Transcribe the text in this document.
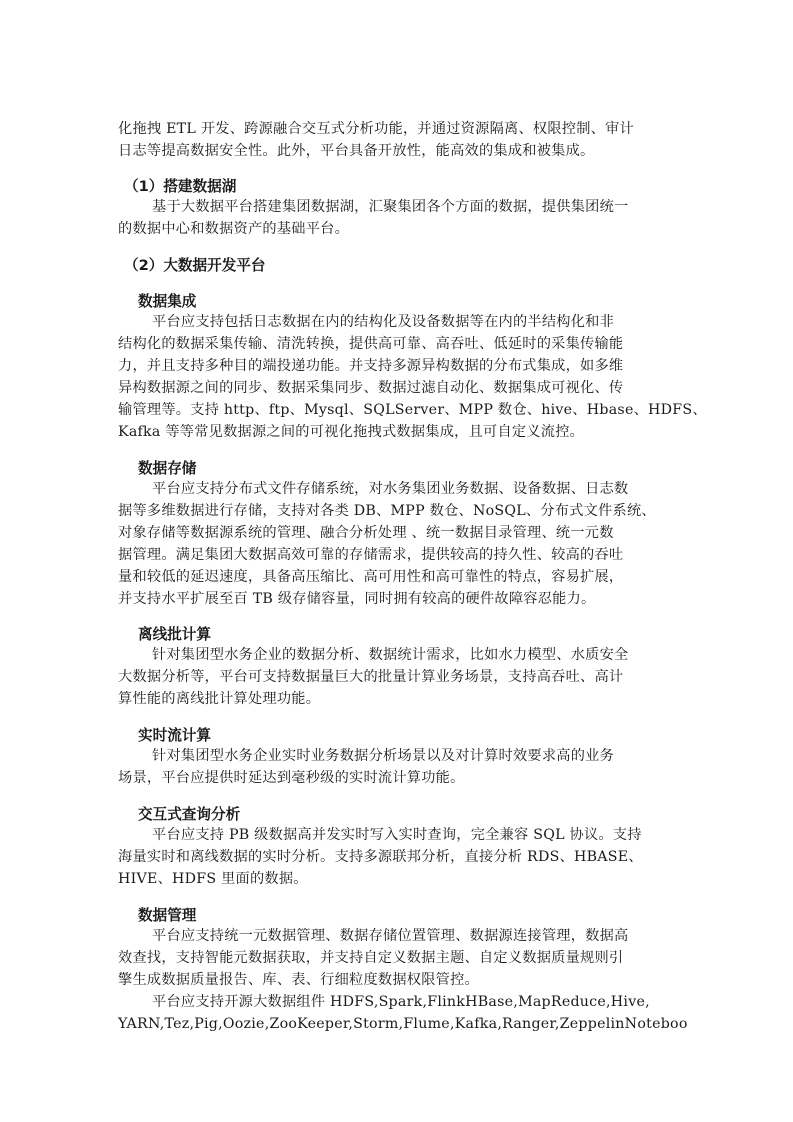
化拖拽 ETL 开发、跨源融合交互式分析功能，并通过资源隔离、权限控制、审计
日志等提高数据安全性。此外，平台具备开放性，能高效的集成和被集成。
（1）搭建数据湖
基于大数据平台搭建集团数据湖，汇聚集团各个方面的数据，提供集团统一
的数据中心和数据资产的基础平台。
（2）大数据开发平台
数据集成
平台应支持包括日志数据在内的结构化及设备数据等在内的半结构化和非
结构化的数据采集传输、清洗转换，提供高可靠、高吞吐、低延时的采集传输能
力，并且支持多种目的端投递功能。并支持多源异构数据的分布式集成，如多维
异构数据源之间的同步、数据采集同步、数据过滤自动化、数据集成可视化、传
输管理等。支持 http、ftp、Mysql、SQLServer、MPP 数仓、hive、Hbase、HDFS、
Kafka 等等常见数据源之间的可视化拖拽式数据集成，且可自定义流控。
数据存储
平台应支持分布式文件存储系统，对水务集团业务数据、设备数据、日志数
据等多维数据进行存储，支持对各类 DB、MPP 数仓、NoSQL、分布式文件系统、
对象存储等数据源系统的管理、融合分析处理 、统一数据目录管理、统一元数
据管理。满足集团大数据高效可靠的存储需求，提供较高的持久性、较高的吞吐
量和较低的延迟速度，具备高压缩比、高可用性和高可靠性的特点，容易扩展，
并支持水平扩展至百 TB 级存储容量，同时拥有较高的硬件故障容忍能力。
离线批计算
针对集团型水务企业的数据分析、数据统计需求，比如水力模型、水质安全
大数据分析等，平台可支持数据量巨大的批量计算业务场景，支持高吞吐、高计
算性能的离线批计算处理功能。
实时流计算
针对集团型水务企业实时业务数据分析场景以及对计算时效要求高的业务
场景，平台应提供时延达到毫秒级的实时流计算功能。
交互式查询分析
平台应支持 PB 级数据高并发实时写入实时查询，完全兼容 SQL 协议。支持
海量实时和离线数据的实时分析。支持多源联邦分析，直接分析 RDS、HBASE、
HIVE、HDFS 里面的数据。
数据管理
平台应支持统一元数据管理、数据存储位置管理、数据源连接管理，数据高
效查找，支持智能元数据获取，并支持自定义数据主题、自定义数据质量规则引
擎生成数据质量报告、库、表、行细粒度数据权限管控。
平台应支持开源大数据组件 HDFS,Spark,FlinkHBase,MapReduce,Hive,
YARN,Tez,Pig,Oozie,ZooKeeper,Storm,Flume,Kafka,Ranger,ZeppelinNoteboo
